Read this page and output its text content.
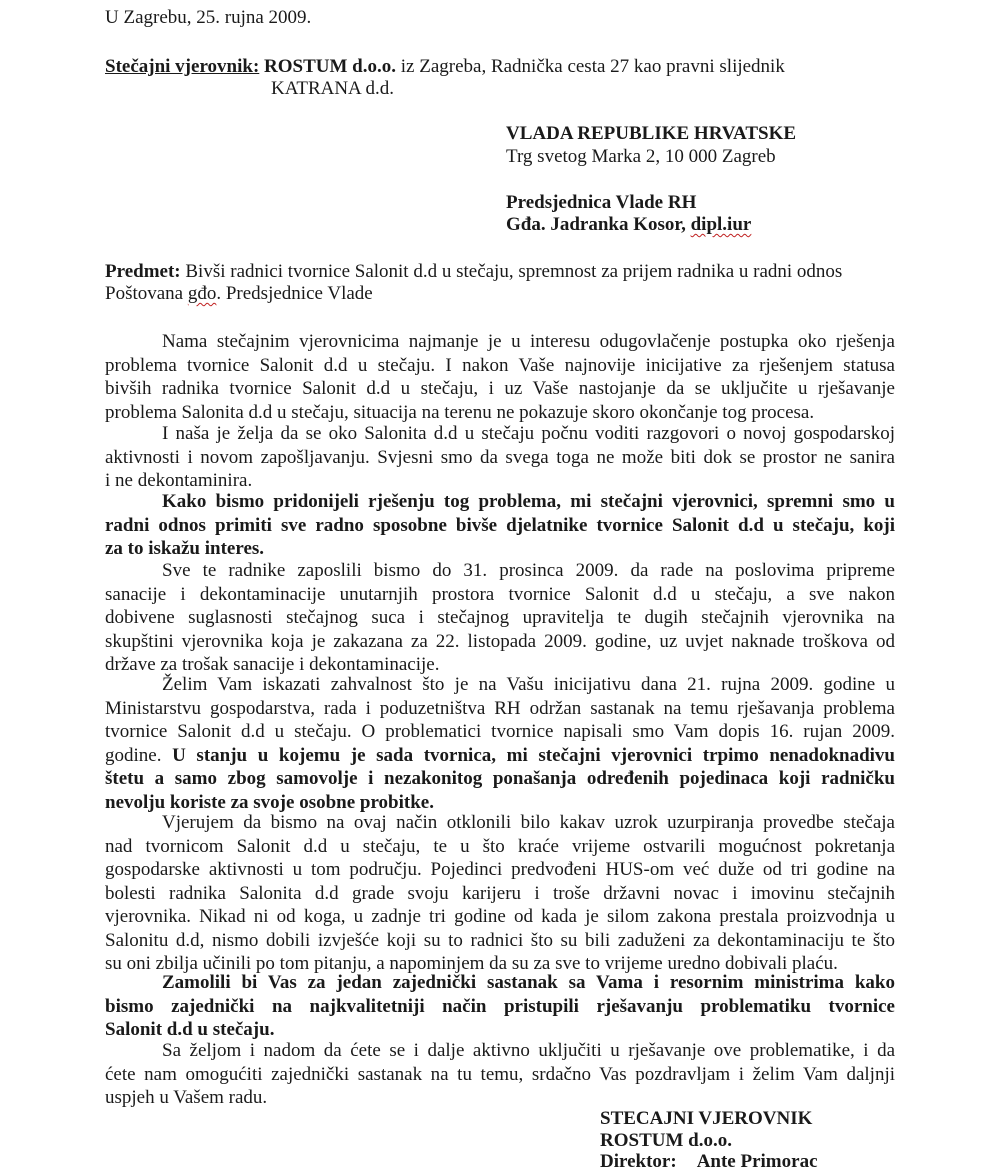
U Zagrebu, 25. rujna 2009.
Stečajni vjerovnik: ROSTUM d.o.o. iz Zagreba, Radnička cesta 27 kao pravni slijednik
KATRANA d.d.
VLADA REPUBLIKE HRVATSKE
Trg svetog Marka 2, 10 000 Zagreb
Predsjednica Vlade RH
Gđa. Jadranka Kosor, dipl.iur
Predmet: Bivši radnici tvornice Salonit d.d u stečaju, spremnost za prijem radnika u radni odnos
Poštovana gđo. Predsjednice Vlade
Nama stečajnim vjerovnicima najmanje je u interesu odugovlačenje postupka oko rješenja
problema tvornice Salonit d.d u stečaju. I nakon Vaše najnovije inicijative za rješenjem statusa
bivših radnika tvornice Salonit d.d u stečaju, i uz Vaše nastojanje da se uključite u rješavanje
problema Salonita d.d u stečaju, situacija na terenu ne pokazuje skoro okončanje tog procesa.
I naša je želja da se oko Salonita d.d u stečaju počnu voditi razgovori o novoj gospodarskoj
aktivnosti i novom zapošljavanju. Svjesni smo da svega toga ne može biti dok se prostor ne sanira
i ne dekontaminira.
Kako bismo pridonijeli rješenju tog problema, mi stečajni vjerovnici, spremni smo u
radni odnos primiti sve radno sposobne bivše djelatnike tvornice Salonit d.d u stečaju, koji
za to iskažu interes.
Sve te radnike zaposlili bismo do 31. prosinca 2009. da rade na poslovima pripreme
sanacije i dekontaminacije unutarnjih prostora tvornice Salonit d.d u stečaju, a sve nakon
dobivene suglasnosti stečajnog suca i stečajnog upravitelja te dugih stečajnih vjerovnika na
skupštini vjerovnika koja je zakazana za 22. listopada 2009. godine, uz uvjet naknade troškova od
države za trošak sanacije i dekontaminacije.
Želim Vam iskazati zahvalnost što je na Vašu inicijativu dana 21. rujna 2009. godine u
Ministarstvu gospodarstva, rada i poduzetništva RH održan sastanak na temu rješavanja problema
tvornice Salonit d.d u stečaju. O problematici tvornice napisali smo Vam dopis 16. rujan 2009.
godine. U stanju u kojemu je sada tvornica, mi stečajni vjerovnici trpimo nenadoknadivu
štetu a samo zbog samovolje i nezakonitog ponašanja određenih pojedinaca koji radničku
nevolju koriste za svoje osobne probitke.
Vjerujem da bismo na ovaj način otklonili bilo kakav uzrok uzurpiranja provedbe stečaja
nad tvornicom Salonit d.d u stečaju, te u što kraće vrijeme ostvarili mogućnost pokretanja
gospodarske aktivnosti u tom području. Pojedinci predvođeni HUS-om već duže od tri godine na
bolesti radnika Salonita d.d grade svoju karijeru i troše državni novac i imovinu stečajnih
vjerovnika. Nikad ni od koga, u zadnje tri godine od kada je silom zakona prestala proizvodnja u
Salonitu d.d, nismo dobili izvješće koji su to radnici što su bili zaduženi za dekontaminaciju te što
su oni zbilja učinili po tom pitanju, a napominjem da su za sve to vrijeme uredno dobivali plaću.
Zamolili bi Vas za jedan zajednički sastanak sa Vama i resornim ministrima kako
bismo zajednički na najkvalitetniji način pristupili rješavanju problematiku tvornice
Salonit d.d u stečaju.
Sa željom i nadom da ćete se i dalje aktivno uključiti u rješavanje ove problematike, i da
ćete nam omogućiti zajednički sastanak na tu temu, srdačno Vas pozdravljam i želim Vam daljnji
uspjeh u Vašem radu.
STECAJNI VJEROVNIK
ROSTUM d.o.o.
Direktor: Ante Primorac
